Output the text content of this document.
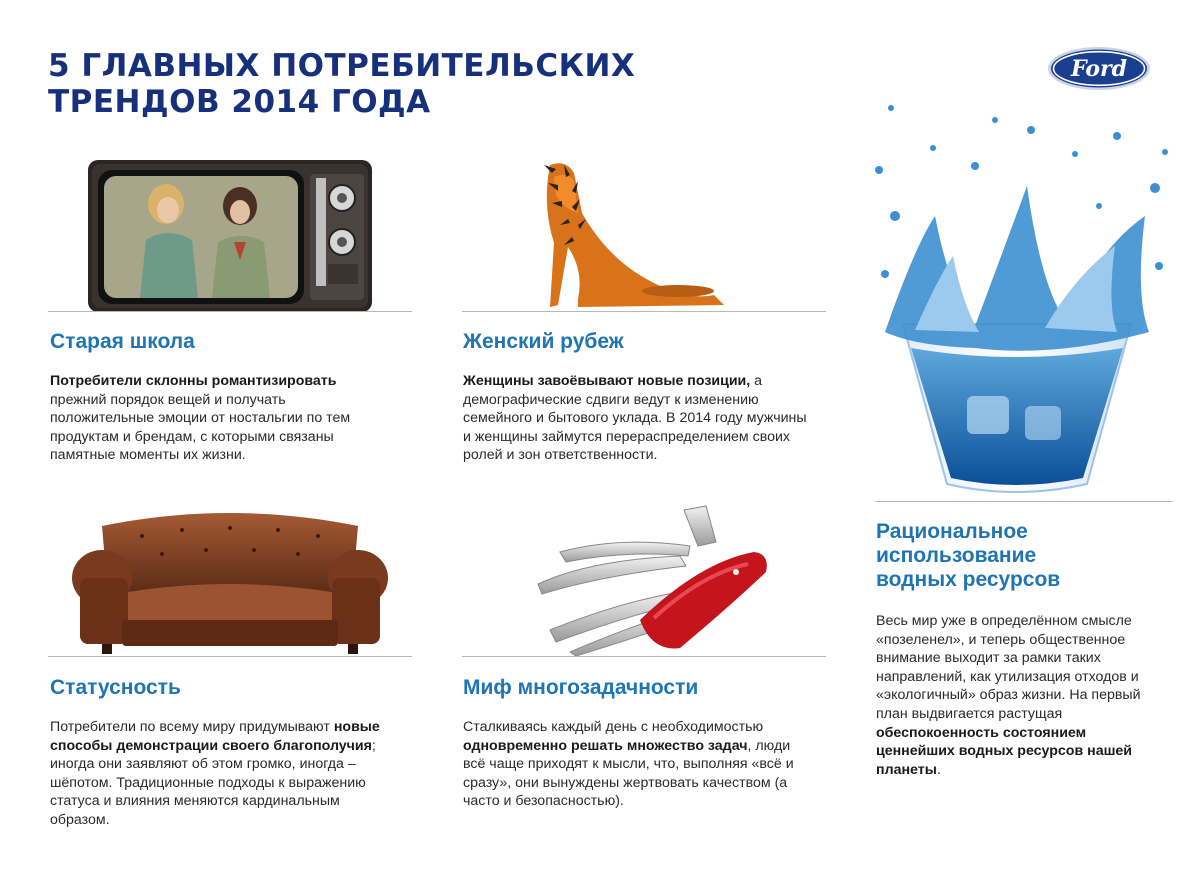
5 ГЛАВНЫХ ПОТРЕБИТЕЛЬСКИХ
ТРЕНДОВ 2014 ГОДА
Ford
Старая школа

Потребители склонны романтизировать прежний порядок вещей и получать положительные эмоции от ностальгии по тем продуктам и брендам, с которыми связаны памятные моменты их жизни.

Женский рубеж

Женщины завоёвывают новые позиции, а демографические сдвиги ведут к изменению семейного и бытового уклада. В 2014 году мужчины и женщины займутся перераспределением своих ролей и зон ответственности.

Статусность

Потребители по всему миру придумывают новые способы демонстрации своего благополучия; иногда они заявляют об этом громко, иногда – шёпотом. Традиционные подходы к выражению статуса и влияния меняются кардинальным образом.

Миф многозадачности

Сталкиваясь каждый день с необходимостью одновременно решать множество задач, люди всё чаще приходят к мысли, что, выполняя «всё и сразу», они вынуждены жертвовать качеством (а часто и безопасностью).

Рациональное
использование
водных ресурсов

Весь мир уже в определённом смысле «позеленел», и теперь общественное внимание выходит за рамки таких направлений, как утилизация отходов и «экологичный» образ жизни. На первый план выдвигается растущая обеспокоенность состоянием ценнейших водных ресурсов нашей планеты.
